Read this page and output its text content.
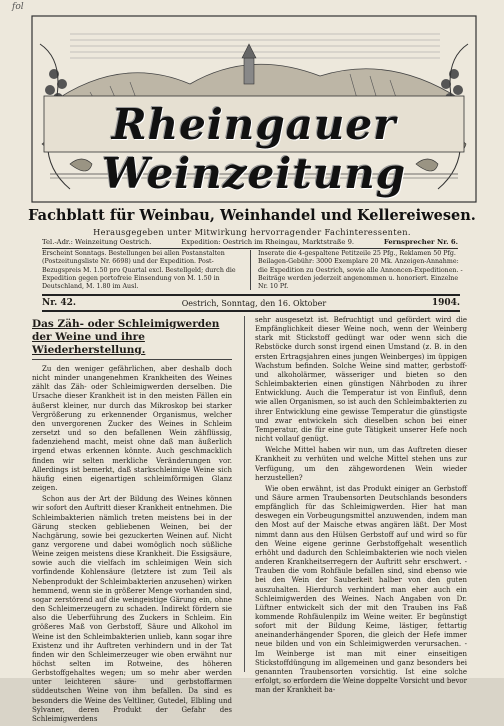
fol
Rheingauer Weinzeitung
Fachblatt für Weinbau, Weinhandel und Kellereiwesen.
Herausgegeben unter Mitwirkung hervorragender Fachinteressenten.
Tel.-Adr.: Weinzeitung Oestrich.	Expedition: Oestrich im Rheingau, Marktstraße 9.	Fernsprecher Nr. 6.
Erscheint Sonntags. Bestellungen bei allen Postanstalten (Postzeitungsliste Nr. 6698) und der Expedition. Post-Bezugspreis M. 1.50 pro Quartal excl. Bestellgeld; durch die Expedition gegen portofreie Einsendung von M. 1.50 in Deutschland, M. 1.80 im Ausl.
Inserate die 4-gespaltene Petitzeile 25 Pfg., Reklamen 50 Pfg. Beilagen-Gebühr: 3000 Exemplare 20 Mk. Anzeigen-Annahme: die Expedition zu Oestrich, sowie alle Annoncen-Expeditionen. - Beiträge werden jederzeit angenommen u. honoriert. Einzelne Nr. 10 Pf.
Nr. 42.	Oestrich, Sonntag, den 16. Oktober	1904.
Das Zäh- oder Schleimigwerden der Weine und ihre Wiederherstellung.

Zu den weniger gefährlichen, aber deshalb doch nicht minder unangenehmen Krankheiten des Weines zählt das Zäh- oder Schleimigwerden derselben. Die Ursache dieser Krankheit ist in den meisten Fällen ein äußerst kleiner, nur durch das Mikroskop bei starker Vergrößerung zu erkennender Organismus, welcher den unvergorenen Zucker des Weines in Schleim zersetzt und so den befallenen Wein zähflüssig, fadenziehend macht, meist ohne daß man äußerlich irgend etwas erkennen könnte. Auch geschmacklich finden wir selten merkliche Veränderungen vor. Allerdings ist bemerkt, daß starkschleimige Weine sich häufig einen eigenartigen schleimförmigen Glanz zeigen.

Schon aus der Art der Bildung des Weines können wir sofort den Auftritt dieser Krankheit entnehmen. Die Schleimbakterien nämlich treten meistens bei in der Gärung stecken gebliebenen Weinen, bei der Nachgärung, sowie bei gezuckerten Weinen auf. Nicht ganz vergorene und dabei womöglich noch süßliche Weine zeigen meistens diese Krankheit. Die Essigsäure, sowie auch die vielfach im schleimigen Wein sich vorfindende Kohlensäure (letztere ist zum Teil als Nebenprodukt der Schleimbakterien anzusehen) wirken hemmend, wenn sie in größerer Menge vorhanden sind, sogar zerstörend auf die weingeistige Gärung ein, ohne den Schleimerzeugern zu schaden. Indirekt fördern sie also die Ueberführung des Zuckers in Schleim. Ein größeres Maß von Gerbstoff, Säure und Alkohol im Weine ist den Schleimbakterien unlieb, kann sogar ihre Existenz und ihr Auftreten verhindern und in der Tat finden wir den Schleimerzeuger wie oben erwähnt nur höchst selten im Rotweine, des höheren Gerbstoffgehaltes wegen; um so mehr aber werden unter leichteren säure- und gerbstoffarmen süddeutschen Weine von ihm befallen. Da sind es besonders die Weine des Veltliner, Gutedel, Elbling und Sylvaner, deren Produkt der Gefahr des Schleimigwerdens

sehr ausgesetzt ist. Befruchtigt und gefördert wird die Empfänglichkeit dieser Weine noch, wenn der Weinberg stark mit Stickstoff gedüngt war oder wenn sich die Rebstöcke durch sonst irgend einen Umstand (z. B. in den ersten Ertragsjahren eines jungen Weinberges) im üppigen Wachstum befinden. Solche Weine sind matter, gerbstoff- und alkoholärmer, wässeriger und bieten so den Schleimbakterien einen günstigen Nährboden zu ihrer Entwicklung. Auch die Temperatur ist von Einfluß, denn wie allen Organismen, so ist auch den Schleimbakterien zu ihrer Entwicklung eine gewisse Temperatur die günstigste und zwar entwickeln sich dieselben schon bei einer Temperatur, die für eine gute Tätigkeit unserer Hefe noch nicht vollauf genügt.

Welche Mittel haben wir nun, um das Auftreten dieser Krankheit zu verhüten und welche Mittel stehen uns zur Verfügung, um den zähgewordenen Wein wieder herzustellen?

Wie oben erwähnt, ist das Produkt einiger an Gerbstoff und Säure armen Traubensorten Deutschlands besonders empfänglich für das Schleimigwerden. Hier hat man deswegen ein Vorbeugungsmittel anzuwenden, indem man den Most auf der Maische etwas angären läßt. Der Most nimmt dann aus den Hülsen Gerbstoff auf und wird so für den Weine eigene gerinne Gerbstoffgehalt wesentlich erhöht und dadurch den Schleimbakterien wie noch vielen anderen Krankheitserregern der Auftritt sehr erschwert. - Trauben die vom Rohfäule befallen sind, sind ebenso wie bei den Wein der Sauberkeit halber von den guten auszuhalten. Hierdurch verhindert man eher auch ein Schleimigwerden des Weines. Nach Angaben von Dr. Lüftner entwickelt sich der mit den Trauben ins Faß kommende Rohfäulenpilz im Weine weiter. Er begünstigt sofort mit der Bildung Keime, lästiger, fettartig aneinanderhängender Sporen, die gleich der Hefe immer neue bilden und von ein Schleimigwerden verursachen. - Im Weinberge ist man mit einer einseitigen Stickstoffdüngung im allgemeinen und ganz besonders bei genannten Traubensorten vorsichtig. Ist eine solche erfolgt, so erfordern die Weine doppelte Vorsicht und bevor man der Krankheit ba-
